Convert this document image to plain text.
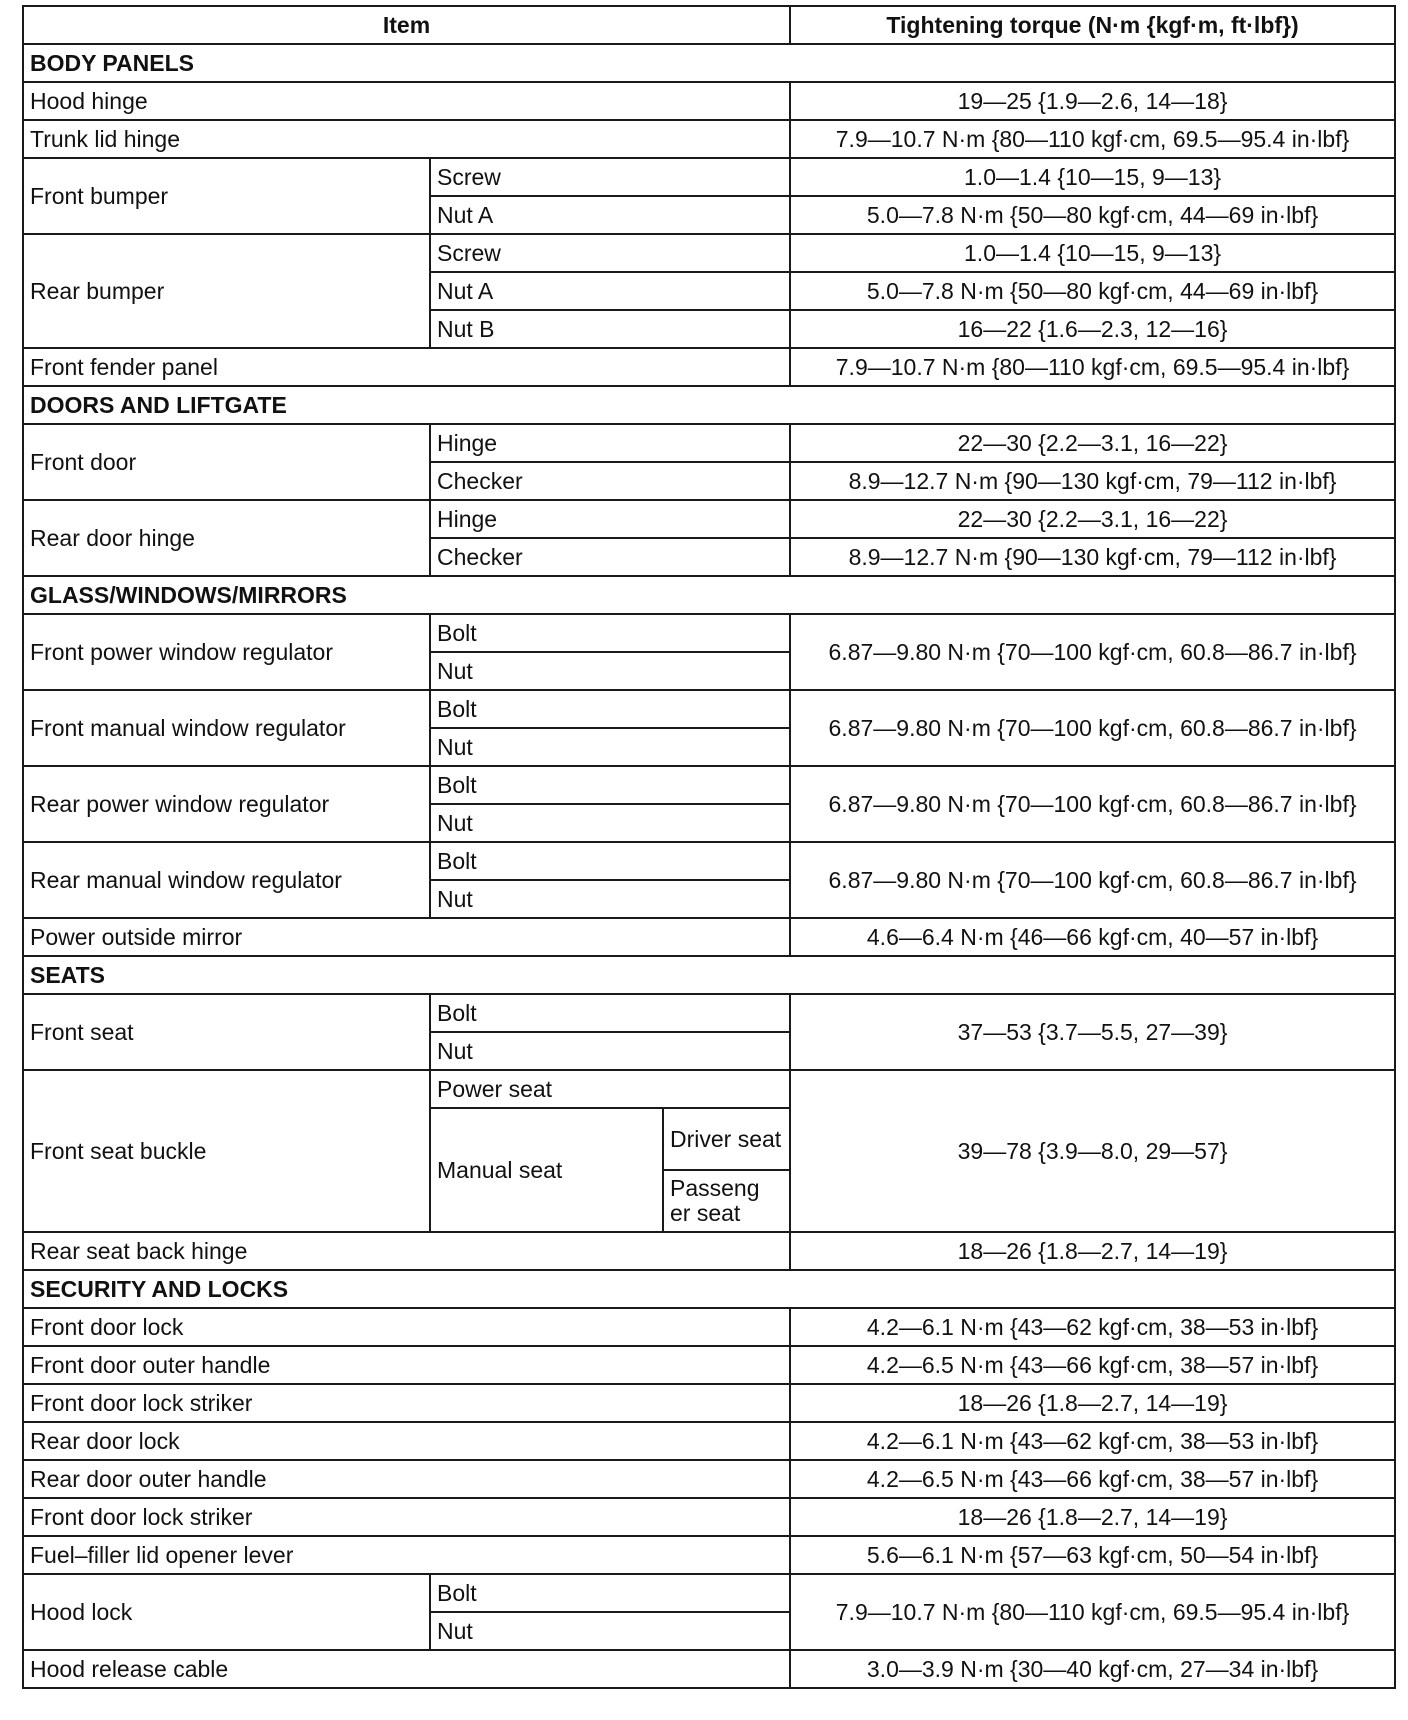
Item			Tightening torque (N·m {kgf·m, ft·lbf})
BODY PANELS			
Hood hinge			19—25 {1.9—2.6, 14—18}
Trunk lid hinge			7.9—10.7 N·m {80—110 kgf·cm, 69.5—95.4 in·lbf}
Front bumper	Screw		1.0—1.4 {10—15, 9—13}
	Nut A		5.0—7.8 N·m {50—80 kgf·cm, 44—69 in·lbf}
Rear bumper	Screw		1.0—1.4 {10—15, 9—13}
	Nut A		5.0—7.8 N·m {50—80 kgf·cm, 44—69 in·lbf}
	Nut B		16—22 {1.6—2.3, 12—16}
Front fender panel			7.9—10.7 N·m {80—110 kgf·cm, 69.5—95.4 in·lbf}
DOORS AND LIFTGATE			
Front door	Hinge		22—30 {2.2—3.1, 16—22}
	Checker		8.9—12.7 N·m {90—130 kgf·cm, 79—112 in·lbf}
Rear door hinge	Hinge		22—30 {2.2—3.1, 16—22}
	Checker		8.9—12.7 N·m {90—130 kgf·cm, 79—112 in·lbf}
GLASS/WINDOWS/MIRRORS			
Front power window regulator	Bolt		6.87—9.80 N·m {70—100 kgf·cm, 60.8—86.7 in·lbf}
	Nut		
Front manual window regulator	Bolt		6.87—9.80 N·m {70—100 kgf·cm, 60.8—86.7 in·lbf}
	Nut		
Rear power window regulator	Bolt		6.87—9.80 N·m {70—100 kgf·cm, 60.8—86.7 in·lbf}
	Nut		
Rear manual window regulator	Bolt		6.87—9.80 N·m {70—100 kgf·cm, 60.8—86.7 in·lbf}
	Nut		
Power outside mirror			4.6—6.4 N·m {46—66 kgf·cm, 40—57 in·lbf}
SEATS			
Front seat	Bolt		37—53 {3.7—5.5, 27—39}
	Nut		
Front seat buckle	Power seat		39—78 {3.9—8.0, 29—57}
	Manual seat	Driver seat	
		Passeng er seat	
Rear seat back hinge			18—26 {1.8—2.7, 14—19}
SECURITY AND LOCKS			
Front door lock			4.2—6.1 N·m {43—62 kgf·cm, 38—53 in·lbf}
Front door outer handle			4.2—6.5 N·m {43—66 kgf·cm, 38—57 in·lbf}
Front door lock striker			18—26 {1.8—2.7, 14—19}
Rear door lock			4.2—6.1 N·m {43—62 kgf·cm, 38—53 in·lbf}
Rear door outer handle			4.2—6.5 N·m {43—66 kgf·cm, 38—57 in·lbf}
Front door lock striker			18—26 {1.8—2.7, 14—19}
Fuel–filler lid opener lever			5.6—6.1 N·m {57—63 kgf·cm, 50—54 in·lbf}
Hood lock	Bolt		7.9—10.7 N·m {80—110 kgf·cm, 69.5—95.4 in·lbf}
	Nut		
Hood release cable			3.0—3.9 N·m {30—40 kgf·cm, 27—34 in·lbf}
